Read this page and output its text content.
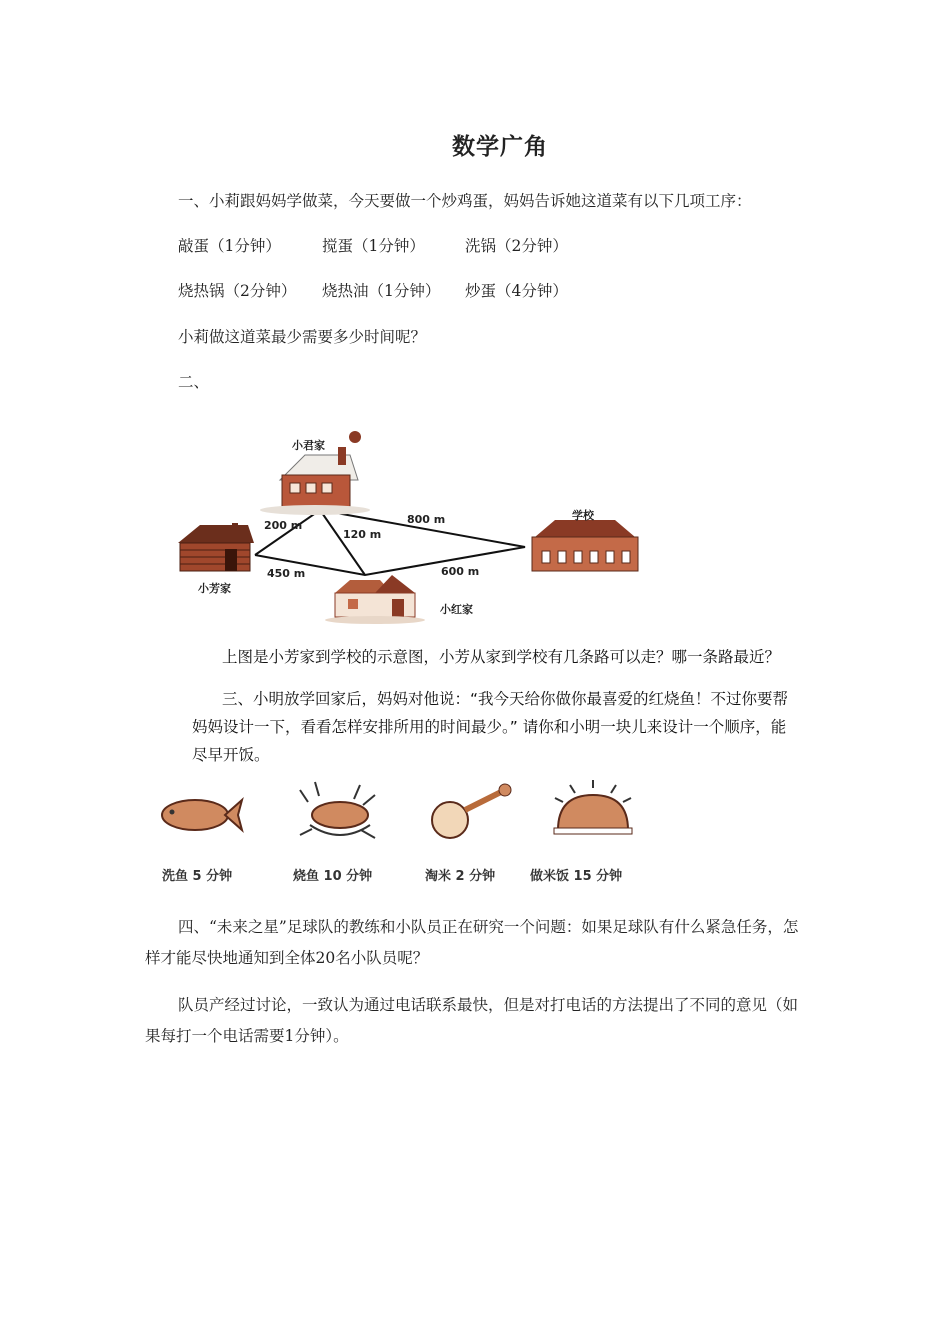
数学广角
一、小莉跟妈妈学做菜，今天要做一个炒鸡蛋，妈妈告诉她这道菜有以下几项工序：
敲蛋（1分钟）	搅蛋（1分钟）	洗锅（2分钟）
烧热锅（2分钟） 烧热油（1分钟） 炒蛋（4分钟）
小莉做这道菜最少需要多少时间呢？
二、
小君家
学校
小芳家
小红家
200 m
120 m
800 m
450 m	600 m
上图是小芳家到学校的示意图，小芳从家到学校有几条路可以走？哪一条路最近？
三、小明放学回家后，妈妈对他说：“我今天给你做你最喜爱的红烧鱼！不过你要帮妈妈设计一下，看看怎样安排所用的时间最少。” 请你和小明一块儿来设计一个顺序，能尽早开饭。
洗鱼 5 分钟	烧鱼 10 分钟	淘米 2 分钟	做米饭 15 分钟
四、“未来之星”足球队的教练和小队员正在研究一个问题：如果足球队有什么紧急任务，怎样才能尽快地通知到全体20名小队员呢？
队员产经过讨论，一致认为通过电话联系最快，但是对打电话的方法提出了不同的意见（如果每打一个电话需要1分钟）。
